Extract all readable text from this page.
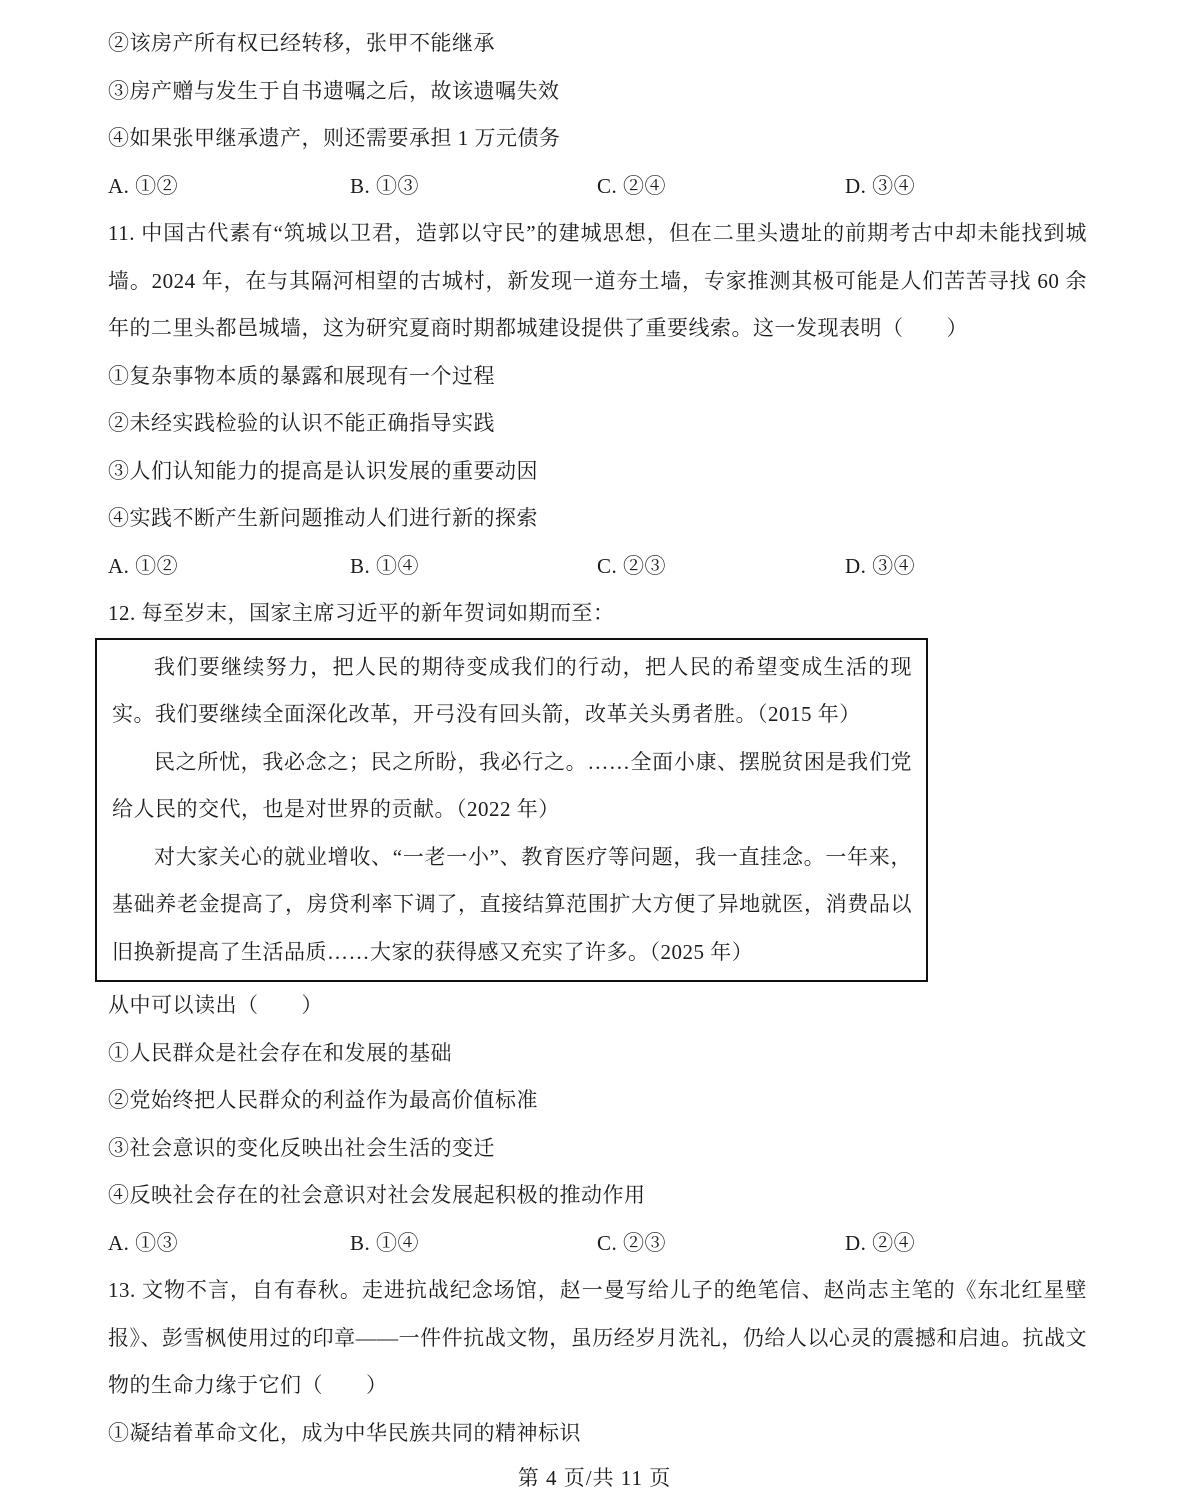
②该房产所有权已经转移，张甲不能继承

③房产赠与发生于自书遗嘱之后，故该遗嘱失效

④如果张甲继承遗产，则还需要承担 1 万元债务

A. ①②	B. ①③	C. ②④	D. ③④

11. 中国古代素有“筑城以卫君，造郭以守民”的建城思想，但在二里头遗址的前期考古中却未能找到城墙。2024 年，在与其隔河相望的古城村，新发现一道夯土墙，专家推测其极可能是人们苦苦寻找 60 余年的二里头都邑城墙，这为研究夏商时期都城建设提供了重要线索。这一发现表明（　　）

①复杂事物本质的暴露和展现有一个过程

②未经实践检验的认识不能正确指导实践

③人们认知能力的提高是认识发展的重要动因

④实践不断产生新问题推动人们进行新的探索

A. ①②	B. ①④	C. ②③	D. ③④

12. 每至岁末，国家主席习近平的新年贺词如期而至：

我们要继续努力，把人民的期待变成我们的行动，把人民的希望变成生活的现实。我们要继续全面深化改革，开弓没有回头箭，改革关头勇者胜。（2015 年）

民之所忧，我必念之；民之所盼，我必行之。……全面小康、摆脱贫困是我们党给人民的交代，也是对世界的贡献。（2022 年）

对大家关心的就业增收、“一老一小”、教育医疗等问题，我一直挂念。一年来，基础养老金提高了，房贷利率下调了，直接结算范围扩大方便了异地就医，消费品以旧换新提高了生活品质……大家的获得感又充实了许多。（2025 年）

从中可以读出（　　）

①人民群众是社会存在和发展的基础

②党始终把人民群众的利益作为最高价值标准

③社会意识的变化反映出社会生活的变迁

④反映社会存在的社会意识对社会发展起积极的推动作用

A. ①③	B. ①④	C. ②③	D. ②④

13. 文物不言，自有春秋。走进抗战纪念场馆，赵一曼写给儿子的绝笔信、赵尚志主笔的《东北红星壁报》、彭雪枫使用过的印章——一件件抗战文物，虽历经岁月洗礼，仍给人以心灵的震撼和启迪。抗战文物的生命力缘于它们（　　）

①凝结着革命文化，成为中华民族共同的精神标识

第 4 页/共 11 页
